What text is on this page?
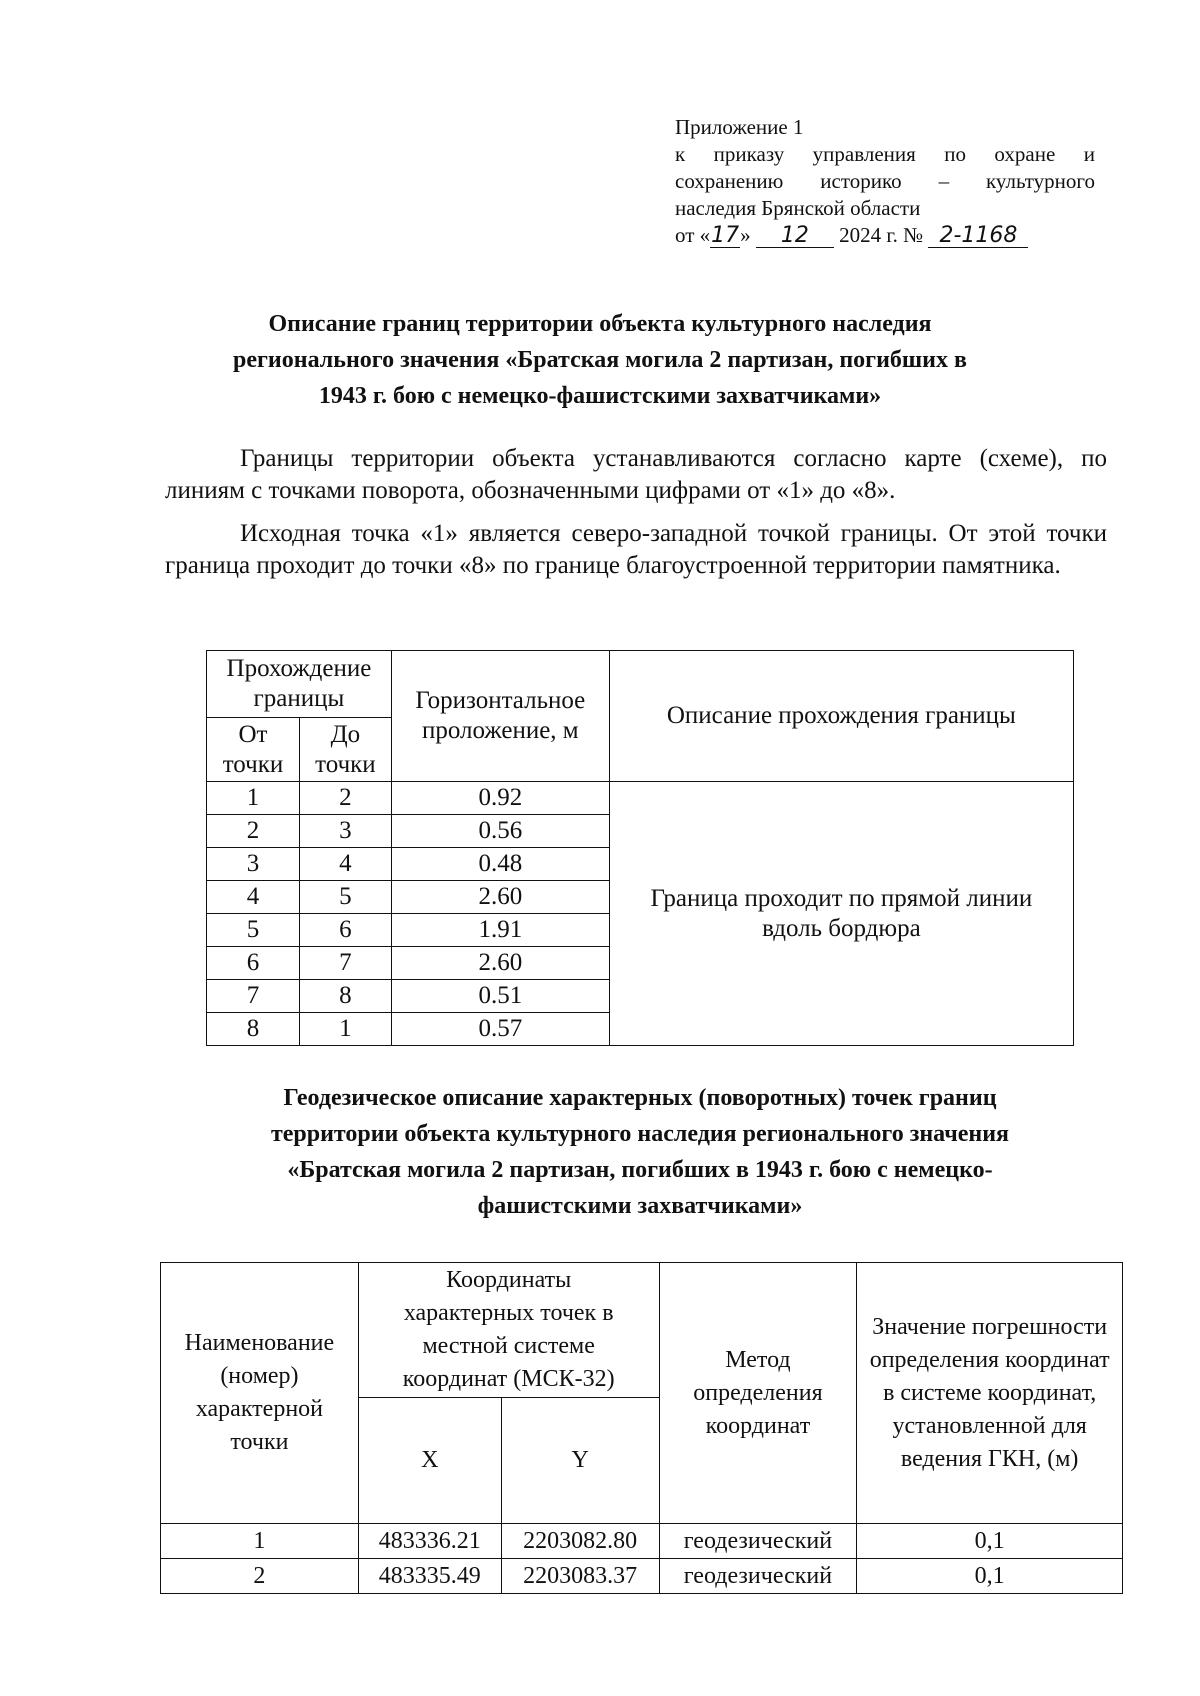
Приложение 1
к приказу управления по охране и
сохранению историко – культурного
наследия Брянской области
от «17» 12 2024 г. № 2-1168
Описание границ территории объекта культурного наследия
регионального значения «Братская могила 2 партизан, погибших в
1943 г. бою с немецко-фашистскими захватчиками»
Границы территории объекта устанавливаются согласно карте (схеме), по линиям с точками поворота, обозначенными цифрами от «1» до «8».
Исходная точка «1» является северо-западной точкой границы. От этой точки граница проходит до точки «8» по границе благоустроенной территории памятника.
Прохождение границы		Горизонтальное проложение, м	Описание прохождения границы
От точки	До точки		
1	2	0.92	Граница проходит по прямой линии вдоль бордюра
2	3	0.56	
3	4	0.48	
4	5	2.60	
5	6	1.91	
6	7	2.60	
7	8	0.51	
8	1	0.57	
Геодезическое описание характерных (поворотных) точек границ
территории объекта культурного наследия регионального значения
«Братская могила 2 партизан, погибших в 1943 г. бою с немецко-
фашистскими захватчиками»
Наименование (номер) характерной точки	Координаты характерных точек в местной системе координат (МСК-32)		Метод определения координат	Значение погрешности определения координат в системе координат, установленной для ведения ГКН, (м)
	X	Y		
1	483336.21	2203082.80	геодезический	0,1
2	483335.49	2203083.37	геодезический	0,1
